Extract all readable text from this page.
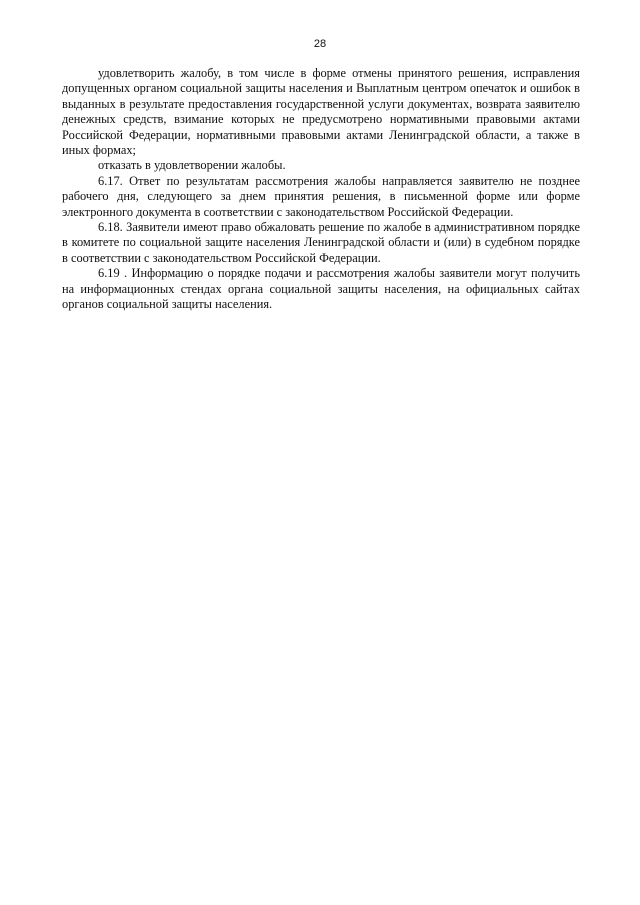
28

удовлетворить жалобу, в том числе в форме отмены принятого решения, исправления допущенных органом социальной защиты населения и Выплатным центром опечаток и ошибок в выданных в результате предоставления государственной услуги документах, возврата заявителю денежных средств, взимание которых не предусмотрено нормативными правовыми актами Российской Федерации, нормативными правовыми актами Ленинградской области, а также в иных формах;

отказать в удовлетворении жалобы.

6.17. Ответ по результатам рассмотрения жалобы направляется заявителю не позднее рабочего дня, следующего за днем принятия решения, в письменной форме или форме электронного документа в соответствии с законодательством Российской Федерации.

6.18. Заявители имеют право обжаловать решение по жалобе в административном порядке в комитете по социальной защите населения Ленинградской области и (или) в судебном порядке в соответствии с законодательством Российской Федерации.

6.19 . Информацию о порядке подачи и рассмотрения жалобы заявители могут получить на информационных стендах органа социальной защиты населения, на официальных сайтах органов социальной защиты населения.
